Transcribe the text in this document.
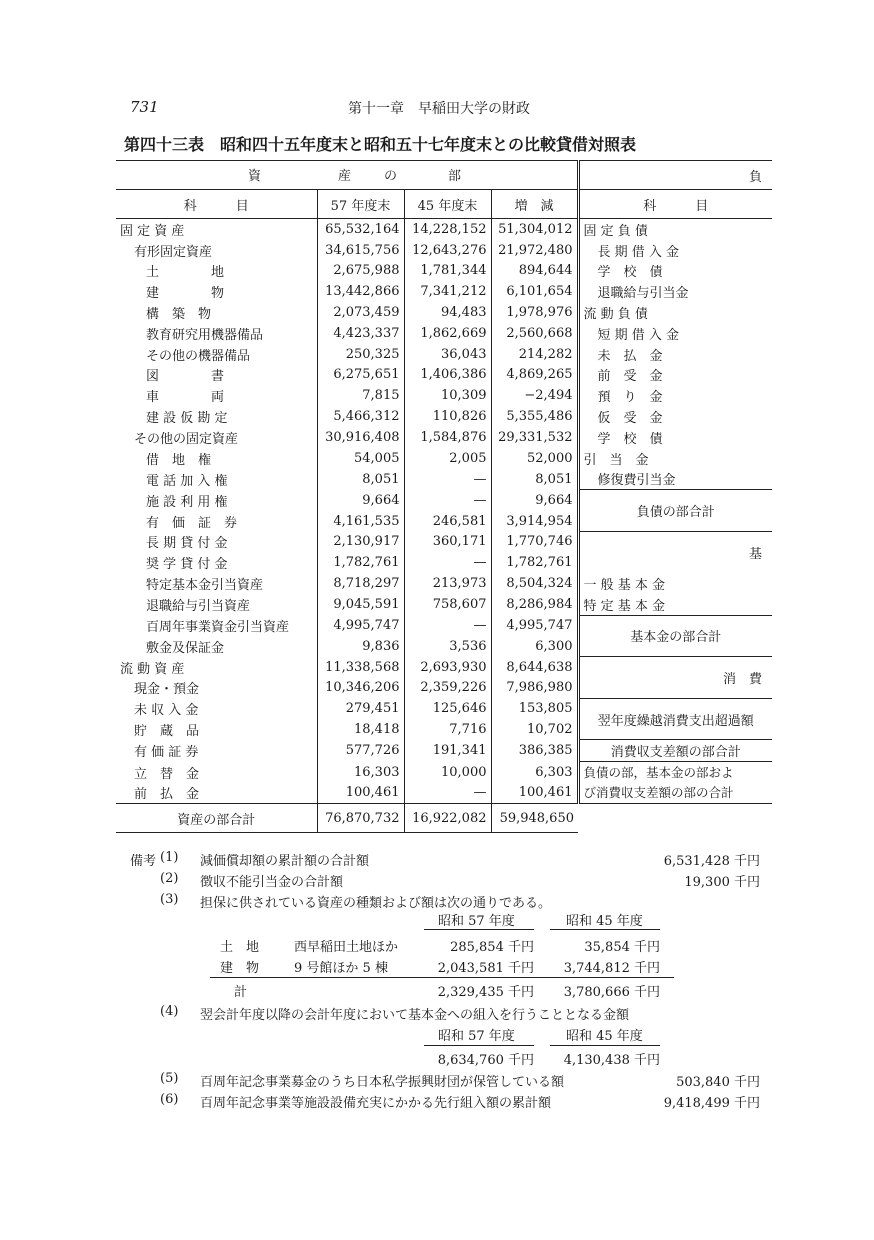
731	第十一章　早稲田大学の財政
第四十三表　昭和四十五年度末と昭和五十七年度末との比較貸借対照表
資 産 の 部				負
科　　　目	57 年度末	45 年度末	増　減	科　　　目
固 定 資 産	65,532,164	14,228,152	51,304,012	固 定 負 債
有形固定資産	34,615,756	12,643,276	21,972,480	長 期 借 入 金
土　　　　地	2,675,988	1,781,344	894,644	学　校　債
建　　　　物	13,442,866	7,341,212	6,101,654	退職給与引当金
構　築　物	2,073,459	94,483	1,978,976	流 動 負 債
教育研究用機器備品	4,423,337	1,862,669	2,560,668	短 期 借 入 金
その他の機器備品	250,325	36,043	214,282	未　払　金
図　　　　書	6,275,651	1,406,386	4,869,265	前　受　金
車　　　　両	7,815	10,309	−2,494	預　り　金
建 設 仮 勘 定	5,466,312	110,826	5,355,486	仮　受　金
その他の固定資産	30,916,408	1,584,876	29,331,532	学　校　債
借　地　権	54,005	2,005	52,000	引　当　金
電 話 加 入 権	8,051	—	8,051	修復費引当金
施 設 利 用 権	9,664	—	9,664	負債の部合計
有　価　証　券	4,161,535	246,581	3,914,954	
長 期 貸 付 金	2,130,917	360,171	1,770,746	基
奨 学 貸 付 金	1,782,761	—	1,782,761	
特定基本金引当資産	8,718,297	213,973	8,504,324	一 般 基 本 金
退職給与引当資産	9,045,591	758,607	8,286,984	特 定 基 本 金
百周年事業資金引当資産	4,995,747	—	4,995,747	基本金の部合計
敷金及保証金	9,836	3,536	6,300	
流 動 資 産	11,338,568	2,693,930	8,644,638	消　費
現金・預金	10,346,206	2,359,226	7,986,980	
未 収 入 金	279,451	125,646	153,805	翌年度繰越消費支出超過額
貯　蔵　品	18,418	7,716	10,702	
有 価 証 券	577,726	191,341	386,385	消費収支差額の部合計
立　替　金	16,303	10,000	6,303	負債の部，基本金の部およ
び消費収支差額の部の合計

前　払　金	100,461	—	100,461	
資産の部合計	76,870,732	16,922,082	59,948,650	
備考 (1) 減価償却額の累計額の合計額	6,531,428 千円
(2) 徴収不能引当金の合計額	19,300 千円
(3) 担保に供されている資産の種類および額は次の通りである。
昭和 57 年度	昭和 45 年度
土　地	西早稲田土地ほか	285,854 千円	35,854 千円
建　物	9 号館ほか 5 棟	2,043,581 千円	3,744,812 千円
計	2,329,435 千円	3,780,666 千円
(4) 翌会計年度以降の会計年度において基本金への組入を行うこととなる金額
昭和 57 年度	昭和 45 年度
8,634,760 千円	4,130,438 千円
(5) 百周年記念事業募金のうち日本私学振興財団が保管している額	503,840 千円
(6) 百周年記念事業等施設設備充実にかかる先行組入額の累計額	9,418,499 千円
